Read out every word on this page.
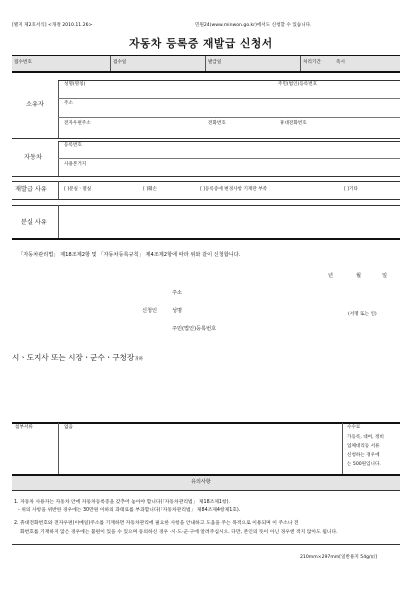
[별지 제2호서식] <개정 2010.11.26>	민원24(www.minwon.go.kr)에서도 신청할 수 있습니다.
자동차 등록증 재발급 신청서
접수번호	접수일	발급일	처리기간	즉시
소유자
성명(명칭)	주민(법인)등록번호
주소
전자우편주소	전화번호	휴대전화번호
자동차
등록번호
사용본거지
재발급 사유	[ ]분실ㆍ멸실	[ ]훼손	[ ]등록증에 변경사항 기재란 부족	[ ]기타
분실 사유
「자동차관리법」 제18조제2항 및 「자동차등록규칙」 제4조제2항에 따라 위와 같이 신청합니다.
년	월	일
주소
신청인	성명
(서명 또는 인)
주민(법인)등록번호
시ㆍ도지사 또는 시장ㆍ군수ㆍ구청장귀하
첨부서류	없음	수수료
가등록, 대여, 정비
업체대리등 서류
신청하는 경우에
는 500원입니다.
유의사항
1. 자동차 사용자는 자동차 안에 자동차등록증을 갖추어 놓아야 합니다(「자동차관리법」 제18조제1항).
- 위의 사항을 위반한 경우에는 30만원 이하의 과태료를 부과합니다(「자동차관리법」 제84조제4항제1호).
2. 휴대전화번호와 전자우편(이메일)주소를 기재하면 자동차관리에 필요한 사항을 안내하고 도움을 주는 목적으로 이용되며 이 주소나 전
화번호를 기재하지 않은 경우에는 불편이 있을 수 있으며 동의하신 경우 ·시·도·군·구에 알려주십시오. 다만, 본인의 뜻이 아닌 경우엔 적지 않아도 됩니다.
210mm×297mm[일반용지 54g/㎡]
